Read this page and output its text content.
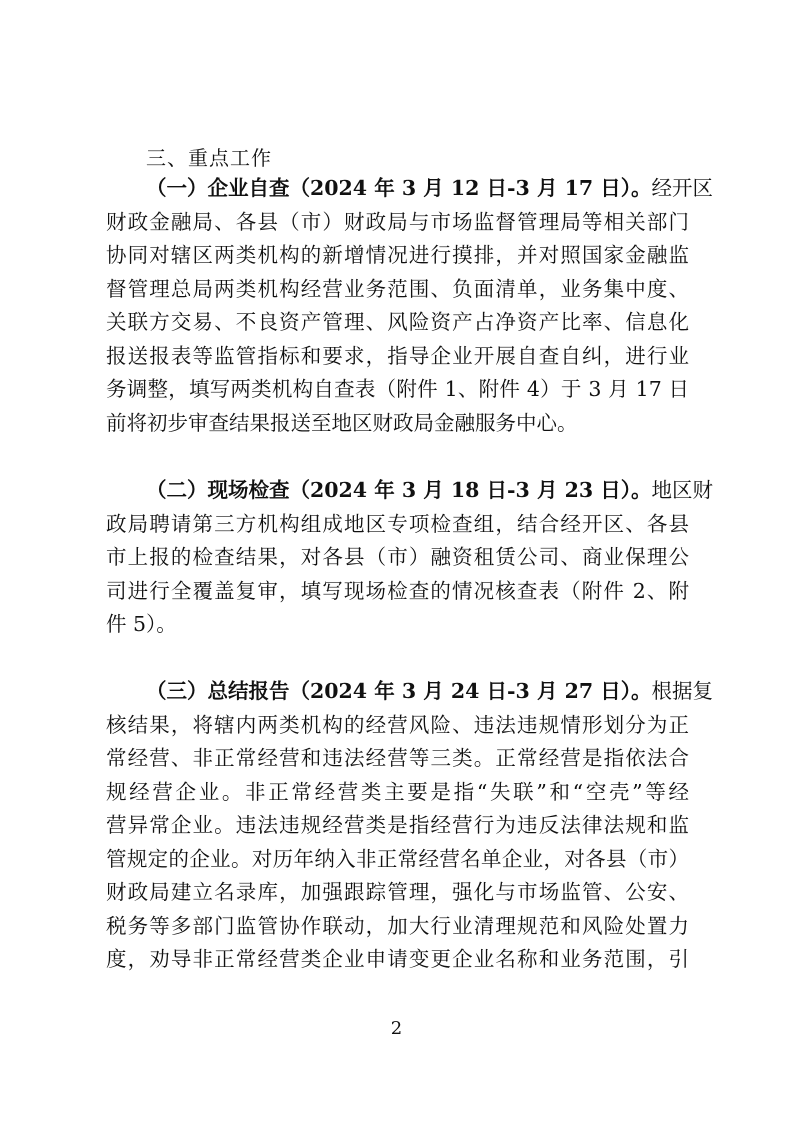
三、重点工作
（一）企业自查（2024 年 3 月 12 日-3 月 17 日）。经开区
财政金融局、各县（市）财政局与市场监督管理局等相关部门
协同对辖区两类机构的新增情况进行摸排，并对照国家金融监
督管理总局两类机构经营业务范围、负面清单，业务集中度、
关联方交易、不良资产管理、风险资产占净资产比率、信息化
报送报表等监管指标和要求，指导企业开展自查自纠，进行业
务调整，填写两类机构自查表（附件 1、附件 4）于 3 月 17 日
前将初步审查结果报送至地区财政局金融服务中心。
（二）现场检查（2024 年 3 月 18 日-3 月 23 日）。地区财
政局聘请第三方机构组成地区专项检查组，结合经开区、各县
市上报的检查结果，对各县（市）融资租赁公司、商业保理公
司进行全覆盖复审，填写现场检查的情况核查表（附件 2、附
件 5）。
（三）总结报告（2024 年 3 月 24 日-3 月 27 日）。根据复
核结果，将辖内两类机构的经营风险、违法违规情形划分为正
常经营、非正常经营和违法经营等三类。正常经营是指依法合
规经营企业。非正常经营类主要是指“失联”和“空壳”等经
营异常企业。违法违规经营类是指经营行为违反法律法规和监
管规定的企业。对历年纳入非正常经营名单企业，对各县（市）
财政局建立名录库，加强跟踪管理，强化与市场监管、公安、
税务等多部门监管协作联动，加大行业清理规范和风险处置力
度，劝导非正常经营类企业申请变更企业名称和业务范围，引
2
